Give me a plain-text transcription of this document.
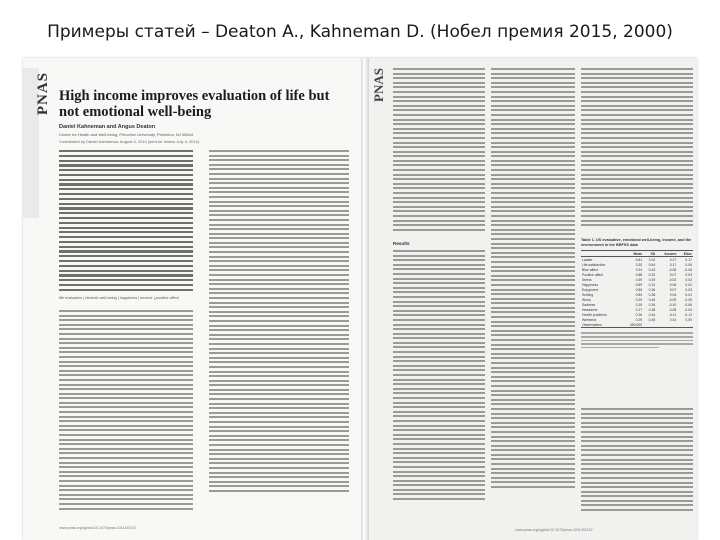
Примеры статей – Deaton A., Kahneman D. (Нобел премия 2015, 2000)
PNAS High income improves evaluation of life but not emotional well-being
Daniel Kahneman and Angus Deaton
Center for Health and Well-being, Princeton University, Princeton, NJ 08544
Contributed by Daniel Kahneman, August 4, 2010 (sent for review July 4, 2010)
life evaluation | hedonic well-being | happiness | income | positive affect
www.pnas.org/cgi/doi/10.1073/pnas.1011492107
PNAS
Results
Table 1. US evaluative, emotional well-being, income, and the environment in the BRFSS data
	Mean	SD	Income	Educ
Ladder	6.81	2.02	0.27	0.17
Life satisfaction	3.30	0.64	0.17	0.06
Blue affect	0.24	0.43	-0.08	-0.05
Positive affect	0.88	0.32	0.07	0.03
Stress	0.39	0.49	-0.02	0.02
Happiness	0.89	0.31	0.06	0.02
Enjoyment	0.85	0.36	0.07	0.03
Smiling	0.83	0.38	0.04	0.01
Worry	0.29	0.45	-0.09	-0.05
Sadness	0.15	0.36	-0.10	-0.06
Headache	0.17	0.38	-0.08	-0.04
Health problems	0.26	0.44	-0.11	-0.12
Weekend	0.29	0.45	0.01	0.00
Observations	450,000			
www.pnas.org/cgi/doi/10.1073/pnas.1011492107
